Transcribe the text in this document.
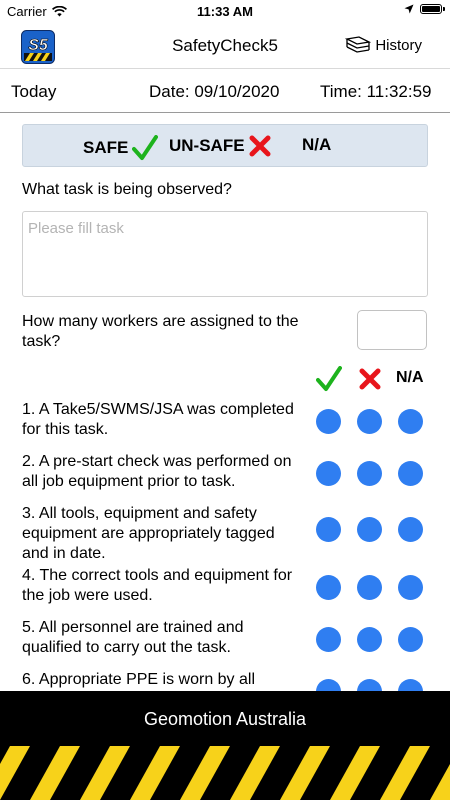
Carrier	11:33 AM
S5	SafetyCheck5	History
Today	Date: 09/10/2020 Time: 11:32:59
SAFE UN-SAFE	N/A
What task is being observed?
Please fill task
How many workers are assigned to the task?
N/A
1. A Take5/SWMS/JSA was completed for this task.
2. A pre-start check was performed on all job equipment prior to task.
3. All tools, equipment and safety equipment are appropriately tagged and in date.
4. The correct tools and equipment for the job were used.
5. All personnel are trained and qualified to carry out the task.
6. Appropriate PPE is worn by all
Geomotion Australia
